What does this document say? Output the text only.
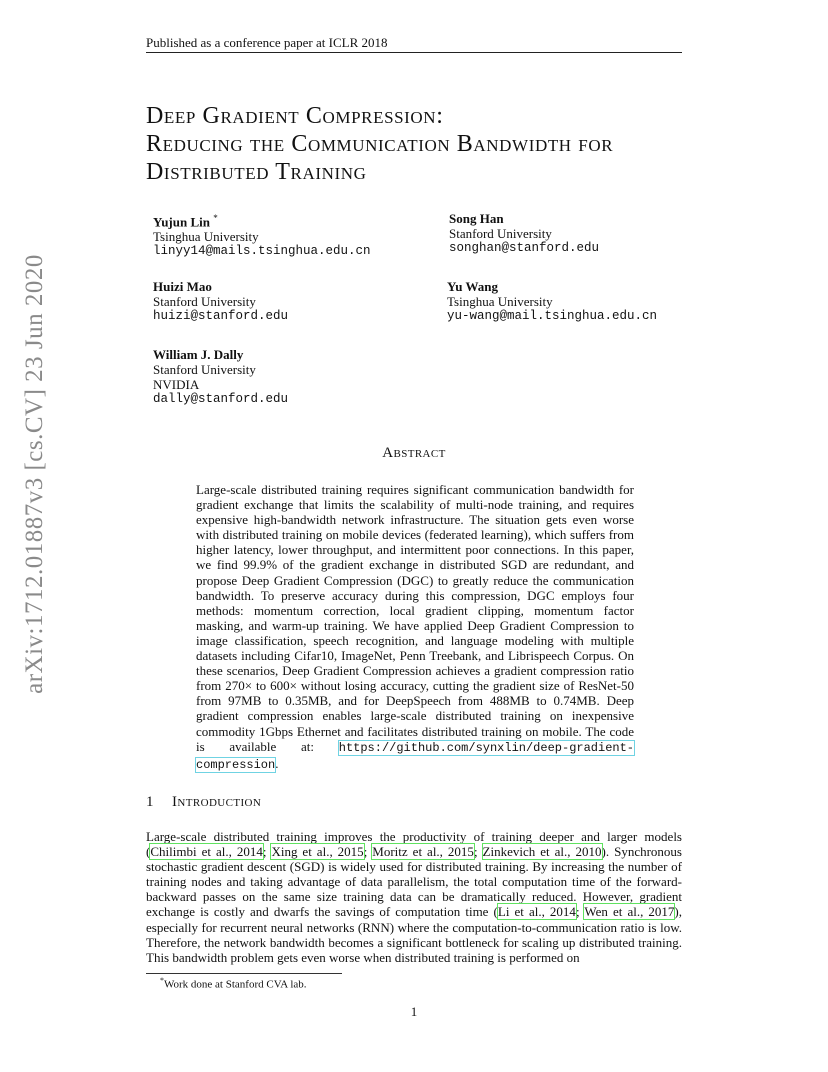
Published as a conference paper at ICLR 2018
arXiv:1712.01887v3 [cs.CV] 23 Jun 2020
Deep Gradient Compression:
Reducing the Communication Bandwidth for
Distributed Training
Yujun Lin *
Tsinghua University
linyy14@mails.tsinghua.edu.cn
Song Han
Stanford University
songhan@stanford.edu
Huizi Mao
Stanford University
huizi@stanford.edu
Yu Wang
Tsinghua University
yu-wang@mail.tsinghua.edu.cn
William J. Dally
Stanford University
NVIDIA
dally@stanford.edu
Abstract
Large-scale distributed training requires significant communication bandwidth for gradient exchange that limits the scalability of multi-node training, and requires expensive high-bandwidth network infrastructure. The situation gets even worse with distributed training on mobile devices (federated learning), which suffers from higher latency, lower throughput, and intermittent poor connections. In this paper, we find 99.9% of the gradient exchange in distributed SGD are redundant, and propose Deep Gradient Compression (DGC) to greatly reduce the communication bandwidth. To preserve accuracy during this compression, DGC employs four methods: momentum correction, local gradient clipping, momentum factor masking, and warm-up training. We have applied Deep Gradient Compression to image classification, speech recognition, and language modeling with multiple datasets including Cifar10, ImageNet, Penn Treebank, and Librispeech Corpus. On these scenarios, Deep Gradient Compression achieves a gradient compression ratio from 270× to 600× without losing accuracy, cutting the gradient size of ResNet-50 from 97MB to 0.35MB, and for DeepSpeech from 488MB to 0.74MB. Deep gradient compression enables large-scale distributed training on inexpensive commodity 1Gbps Ethernet and facilitates distributed training on mobile. The code is available at: https://github.com/synxlin/deep-gradient-compression.
1 Introduction
Large-scale distributed training improves the productivity of training deeper and larger models (Chilimbi et al., 2014; Xing et al., 2015; Moritz et al., 2015; Zinkevich et al., 2010). Synchronous stochastic gradient descent (SGD) is widely used for distributed training. By increasing the number of training nodes and taking advantage of data parallelism, the total computation time of the forward-backward passes on the same size training data can be dramatically reduced. However, gradient exchange is costly and dwarfs the savings of computation time (Li et al., 2014; Wen et al., 2017), especially for recurrent neural networks (RNN) where the computation-to-communication ratio is low. Therefore, the network bandwidth becomes a significant bottleneck for scaling up distributed training. This bandwidth problem gets even worse when distributed training is performed on
*Work done at Stanford CVA lab.
1
